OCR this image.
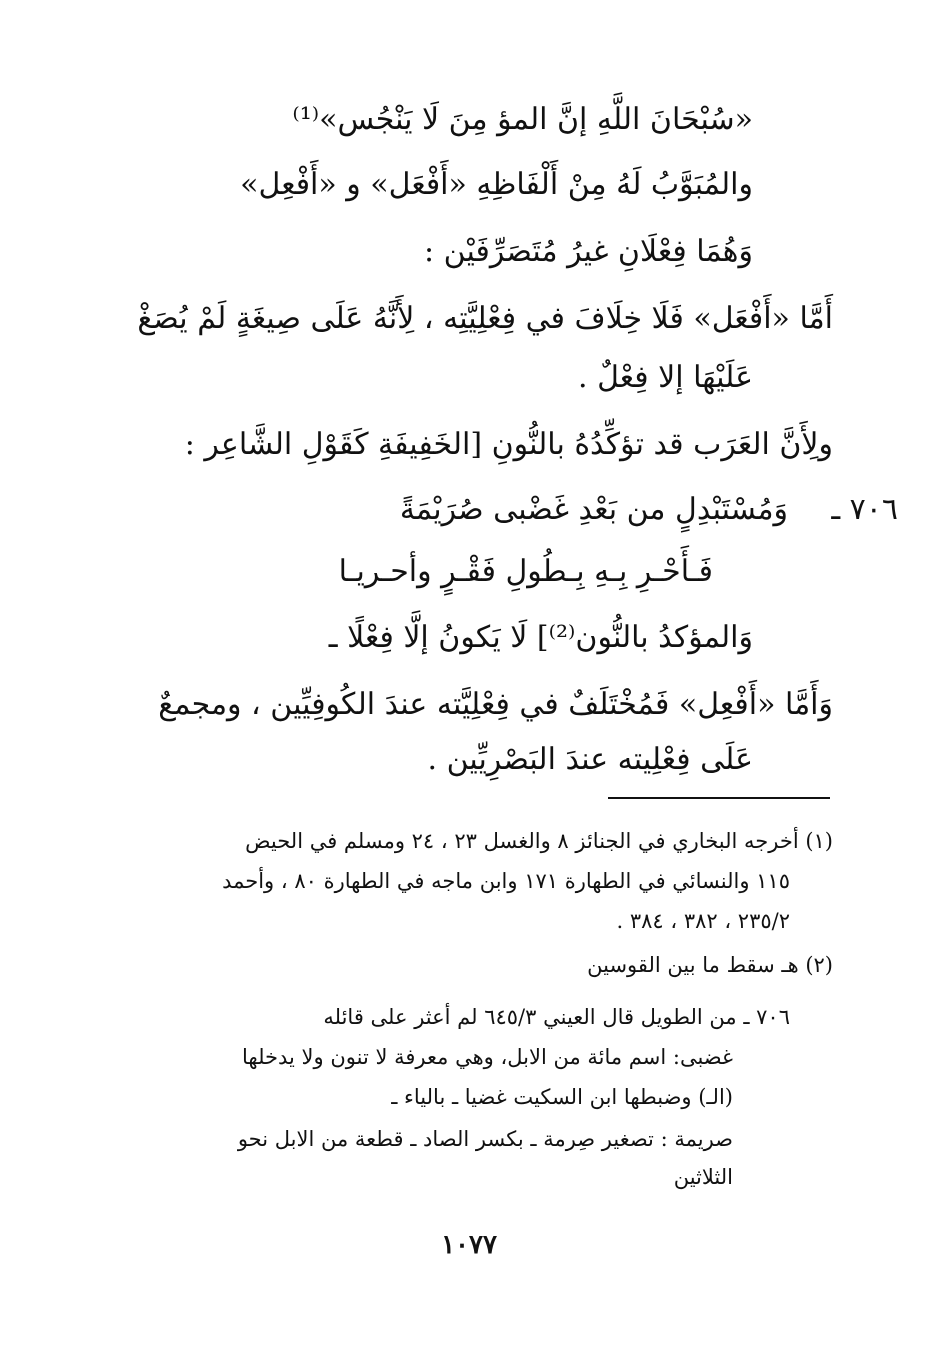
«سُبْحَانَ اللَّهِ إنَّ المؤ مِنَ لَا يَنْجُس»⁽¹⁾
والمُبَوَّبُ لَهُ مِنْ أَلْفَاظِهِ «أَفْعَل» و «أَفْعِل»
وَهُمَا فِعْلَانِ غيرُ مُتَصَرِّفَيْن :
أَمَّا «أَفْعَل» فَلَا خِلَافَ في فِعْلِيَّتِه ، لِأَنَّهُ عَلَى صِيغَةٍ لَمْ يُصَغْ
عَلَيْهَا إلا فِعْلٌ .
ولِأَنَّ العَرَب قد تؤكِّدُهُ بالنُّونِ [الخَفِيفَةِ كَقَوْلِ الشَّاعِر :
٧٠٦ ـ
وَمُسْتَبْدِلٍ من بَعْدِ غَضْبى صُرَيْمَةً
فَـأَحْـرِ بِـهِ بِـطُولِ فَقْـرٍ وأحـريـا
وَالمؤكدُ بالنُّون⁽²⁾] لَا يَكونُ إلَّا فِعْلًا ـ
وَأَمَّا «أَفْعِل» فَمُخْتَلَفٌ في فِعْلِيَّته عندَ الكُوفِيِّين ، ومجمعٌ
عَلَى فِعْلِيته عندَ البَصْرِيِّين .
(١) أخرجه البخاري في الجنائز ٨ والغسل ٢٣ ، ٢٤ ومسلم في الحيض
١١٥ والنسائي في الطهارة ١٧١ وابن ماجه في الطهارة ٨٠ ، وأحمد
٢٣٥/٢ ، ٣٨٢ ، ٣٨٤ .
(٢) هـ سقط ما بين القوسين
٧٠٦ ـ من الطويل قال العيني ٦٤٥/٣ لم أعثر على قائله
غضبى: اسم مائة من الابل، وهي معرفة لا تنون ولا يدخلها
(الـ) وضبطها ابن السكيت غضيا ـ بالياء ـ
صريمة : تصغير صِرمة ـ بكسر الصاد ـ قطعة من الابل نحو
الثلاثين
١٠٧٧
